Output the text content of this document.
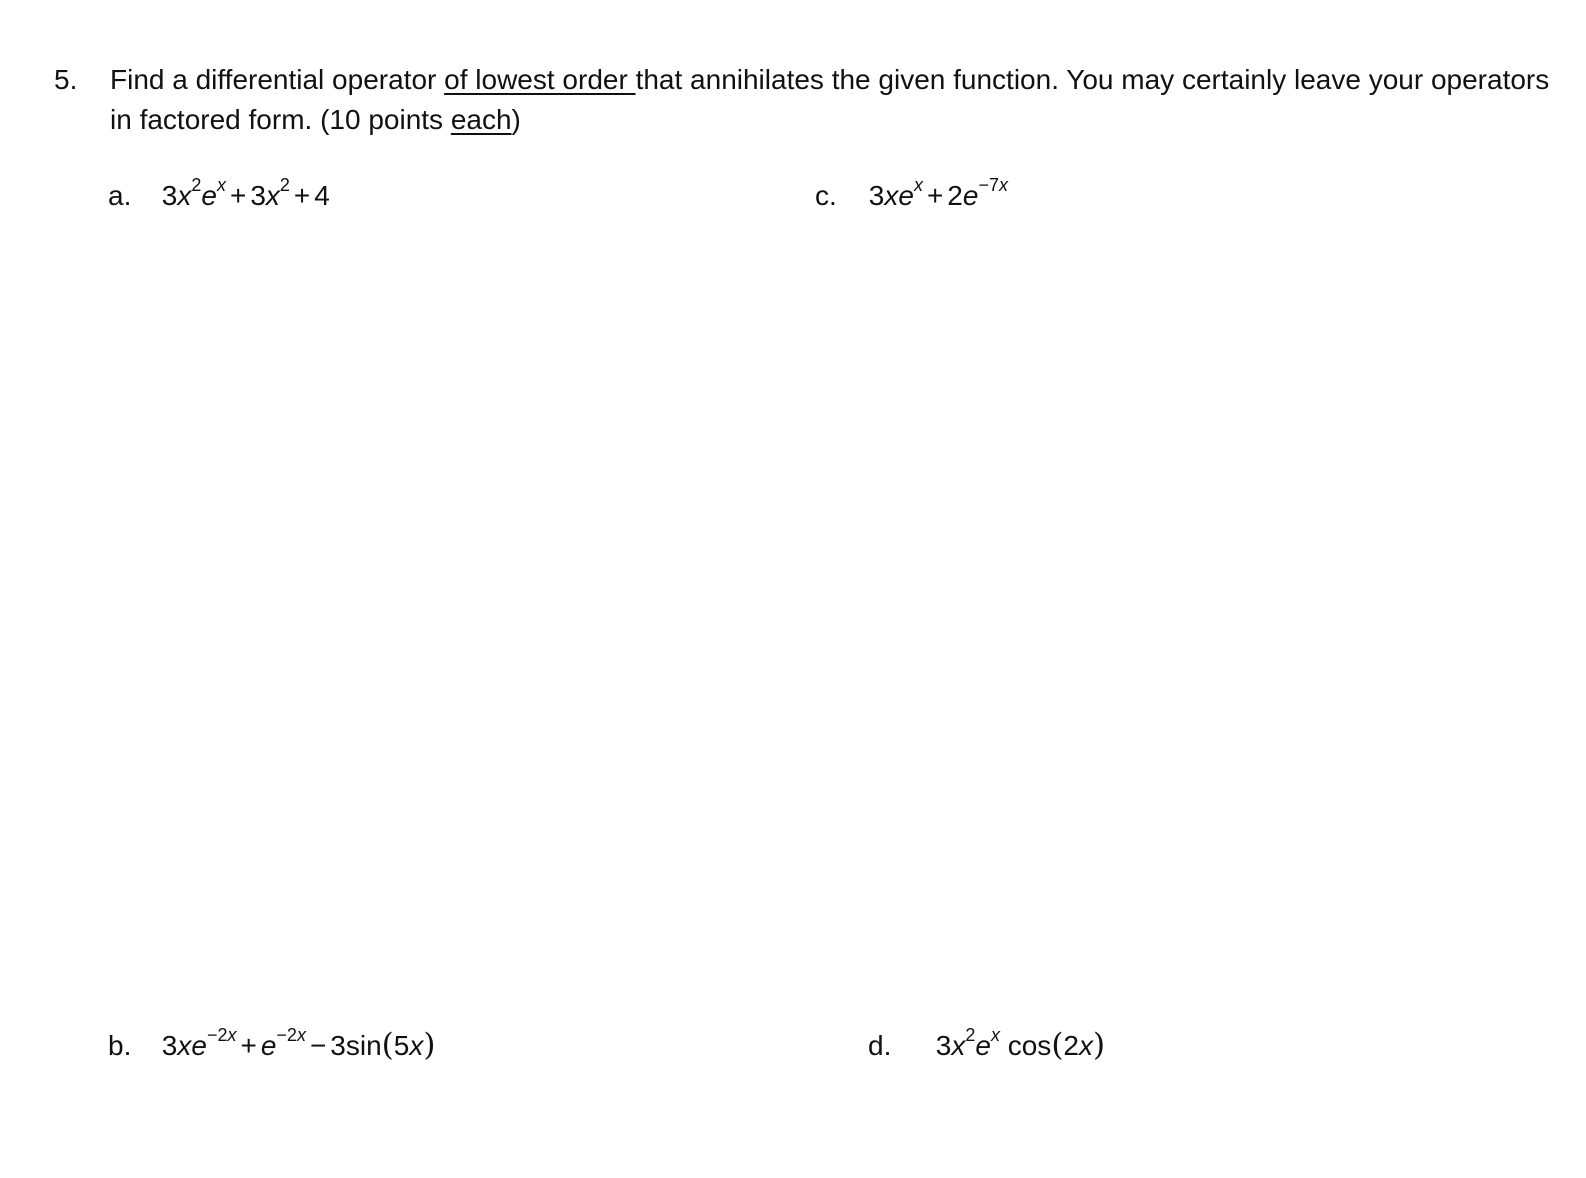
5. Find a differential operator of lowest order that annihilates the given function. You may certainly leave your operators in factored form. (10 points each)
a. $3x^2e^x + 3x^2 + 4$	c. $3xe^x + 2e^{-7x}$
b. $3xe^{-2x} + e^{-2x} - 3\sin(5x)$	d. $3x^2e^x$ cos(2x)
